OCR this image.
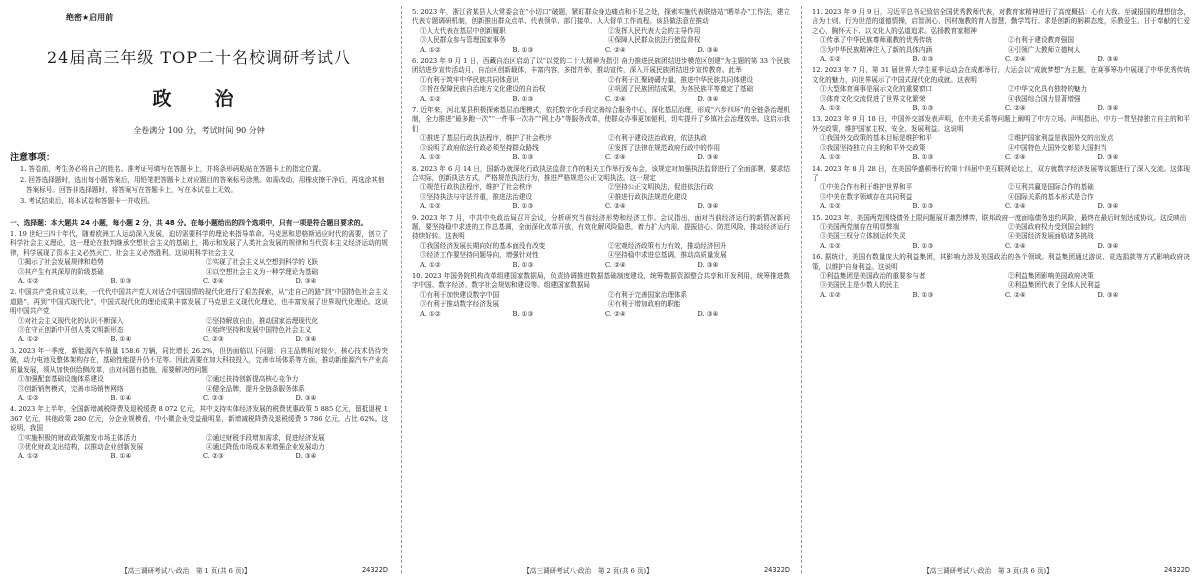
绝密★启用前
24届高三年级 TOP二十名校调研考试八
政　治
全卷满分 100 分，考试时间 90 分钟
注意事项：
1. 答卷前，考生务必将自己的姓名、准考证号填写在答题卡上，并将条形码粘贴在答题卡上的指定位置。
2. 回答选择题时，选出每小题答案后，用铅笔把答题卡上对应题目的答案标号涂黑。如需改动，用橡皮擦干净后，再选涂其他答案标号。回答非选择题时，将答案写在答题卡上，写在本试卷上无效。
3. 考试结束后，将本试卷和答题卡一并收回。
一、选择题：本大题共 24 小题，每小题 2 分，共 48 分。在每小题给出的四个选项中，只有一项是符合题目要求的。
1. 19 世纪三四十年代，随着欧洲工人运动深入发展，迫切需要科学的理论来指导革命。马克思和恩格斯适应时代的需要，创立了科学社会主义理论，这一理论在批判继承空想社会主义的基础上，揭示和发展了人类社会发展的规律和当代资本主义经济运动的规律，科学展现了资本主义必然灭亡、社会主义必然胜利。这说明科学社会主义
①揭示了社会发展规律和趋势	②实现了社会主义从空想到科学的飞跃
③其产生有其深厚的阶级基础	④以空想社会主义为一种学理论为基础
A. ①②	B. ①③	C. ②④	D. ③④
2. 中国共产党自成立以来，一代代中国共产党人对适合中国国情的现代化进行了艰苦探索，从“走自己的路”到“中国特色社会主义道路”，再到“中国式现代化”，中国式现代化的理论成果丰富发展了马克思主义现代化理论，也丰富发展了世界现代化理论。这说明中国共产党
①对社会主义现代化的认识不断深入	②坚持解放自由，推动国家治理现代化
③在守正创新中开创人类文明新形态	④始终坚持和发展中国特色社会主义
A. ①②	B. ①④	C. ②③	D. ③④
3. 2023 年一季度，新能源汽车销量 158.6 万辆，同比增长 26.2%，但仍面临以下问题：自主品牌相对较少，核心技术仍待突破，动力电池及整体架构存在，基础性能提升仍不足等。因此需要在加大科技投入，完善市场体系等方面，推动新能源汽车产业高质量发展，须从加快供给侧改革，由对问题有措施，需要解决的问题
①加强配套基础设施体系建设	②通过扶持创新提高核心竞争力
③创新销售模式，完善市场销售网络	④健全品牌，提升全链条服务体系
A. ①②	B. ①④	C. ②③	D. ③④
4. 2023 年上半年，全国新增减税降费及退税缓费 8 072 亿元，其中支持实体经济发展的税费优惠政策 5 885 亿元，留抵退税 1 367 亿元，其他政策 280 亿元，分企业规模看，中小微企业受益最明显，新增减税降费及退税缓费 5 786 亿元，占比 62%。这说明，我国
①实施积极的财政政策激发市场主体活力	②通过财税手段增加需求，促进经济发展
③优化财政支出结构，以推动企业创新发展	④通过降低市场成本来增强企业发展动力
A. ①②	B. ①④	C. ②③	D. ③④
【高三调研考试八·政治　第 1 页(共 6 页)】	24322D
5. 2023 年，浙江省某县人大常委会在“小切口”破题，紧盯群众身边痛点和不足之处，探索实施代表联络站“晒单办”工作法，建立代表专题调研机制，创新推出群众点单、代表领单、部门接单、人大督单工作流程。该县做法意在推动
①人大代表在基层中创新履职	②发挥人民代表大会的主导作用
③人民群众参与管理国家事务	④保障人民群众依法行使监督权
A. ①②	B. ①③	C. ②④	D. ③④
6. 2023 年 9 月 1 日，西藏自治区启动了以“以党的二十大精神为指引 奋力推进民族团结进步模范区创建”为主题的第 33 个民族团结进步宣传活动月，自治区创新载体，丰富内容，多措并举，推动宣传，深入开展民族团结进步宣传教育。此举
①有利于筑牢中华民族共同体意识	②有利于汇聚磅礴力量，推进中华民族共同体建设
③旨在保障民族自治地方文化建设的自治权	④巩固了民族团结成果，为各民族平等奠定了基础
A. ①②	B. ①③	C. ②④	D. ③④
7. 近年来，河北某县积极探索基层治理模式，依托数字化手段完善综合服务中心，深化基层治理，形成“六步四环”的全链条治理机制，全力推进“最多跑一次”“一件事一次办”“网上办”等服务改革，使群众办事更加便利，切实提升了乡镇社会治理效率。这启示我们
①推进了基层行政执法程序，维护了社会秩序	②有利于建设法治政府，依法执政
③说明了政府依法行政必须坚持群众路线	④发挥了法律在规范政府行政中的作用
A. ①②	B. ①③	C. ②④	D. ③④
8. 2023 年 6 月 14 日，国新办就深化行政执法监督工作的相关工作举行发布会，该规定对加强执法监督进行了全面部署，要求结合实际，创新执法方式，严格规范执法行为，推进严格规范公正文明执法。这一规定
①规范行政执法程序，维护了社会秩序	②坚持公正文明执法，促进依法行政
③坚持执法与守法并重，推进法治建设	④推进行政执法规范化建设
A. ①②	B. ①③	C. ②④	D. ③④
9. 2023 年 7 月，中共中央政治局召开会议，分析研究当前经济形势和经济工作。会议指出，面对当前经济运行的新情况新问题，要坚持稳中求进的工作总基调，全面深化改革开放，有效化解风险隐患，着力扩大内需、提振信心、防范风险，推动经济运行持续好转。这表明
①我国经济发展长期向好的基本面没有改变	②宏观经济政策有力有效，推动经济回升
③经济工作要坚持问题导向，增强针对性	④坚持稳中求进总基调，推动高质量发展
A. ①②	B. ①③	C. ②④	D. ③④
10. 2023 年国务院机构改革组建国家数据局，负责协调推进数据基础制度建设，统筹数据资源整合共享和开发利用，统筹推进数字中国、数字经济、数字社会规划和建设等。组建国家数据局
①有利于加快建设数字中国	②有利于完善国家治理体系
③有利于推动数字经济发展	④有利于增加政府的职能
A. ①②	B. ①③	C. ②④	D. ③④
【高三调研考试八·政治　第 2 页(共 6 页)】	24322D
11. 2023 年 9 月 9 日，习近平总书记致信全国优秀教师代表，对教育家精神进行了高度概括：心有大我、至诚报国的理想信念，言为士则、行为世范的道德情操，启智润心、因材施教的育人智慧，勤学笃行、求是创新的躬耕态度，乐教爱生、甘于奉献的仁爱之心，胸怀天下、以文化人的弘道追求。弘扬教育家精神
①传承了中华民族尊师重教的优秀传统	②有利于建设教育强国
③为中华民族精神注入了新的具体内涵	④引领广大教师立德树人
A. ①②	B. ①③	C. ②④	D. ③④
12. 2023 年 7 月，第 31 届世界大学生夏季运动会在成都举行，大运会以“成就梦想”为主题，在赛事筹办中展现了中华优秀传统文化的魅力，向世界展示了中国式现代化的成就。这表明
①大型体育赛事是展示文化的重要窗口	②中华文化具有独特的魅力
③体育文化交流促进了世界文化繁荣	④我国综合国力显著增强
A. ①②	B. ①③	C. ②④	D. ③④
13. 2023 年 9 月 18 日，中国外交部发表声明，在中美关系等问题上阐明了中方立场。声明指出，中方一贯坚持独立自主的和平外交政策，维护国家主权、安全、发展利益。这说明
①我国外交政策的基本目标是维护和平	②维护国家利益是我国外交的出发点
③我国坚持独立自主的和平外交政策	④中国特色大国外交彰显大国担当
A. ①②	B. ①③	C. ②④	D. ③④
14. 2023 年 8 月 28 日，在美国华盛顿举行的第十四届中美互联网论坛上，双方就数字经济发展等议题进行了深入交流。这体现了
①中美合作有利于维护世界和平	②互利共赢是国际合作的基础
③中美在数字领域存在共同利益	④国际关系的基本形式是合作
A. ①②	B. ①③	C. ②④	D. ③④
15. 2023 年，美国两党围绕债务上限问题展开激烈博弈，联邦政府一度面临债务违约风险，最终在最后时刻达成协议。这反映出
①美国两党制存在明显弊端	②美国政府权力受到国会制约
③美国三权分立体制运转失灵	④美国经济发展面临诸多挑战
A. ①②	B. ①③	C. ②④	D. ③④
16. 据统计，美国有数量庞大的利益集团，其影响力涉及美国政治的各个领域。利益集团通过游说、竞选捐款等方式影响政府决策，以维护自身利益。这说明
①利益集团是美国政治的重要参与者	②利益集团影响美国政府决策
③美国民主是少数人的民主	④利益集团代表了全体人民利益
A. ①②	B. ①③	C. ②④	D. ③④
【高三调研考试八·政治　第 3 页(共 6 页)】	24322D
